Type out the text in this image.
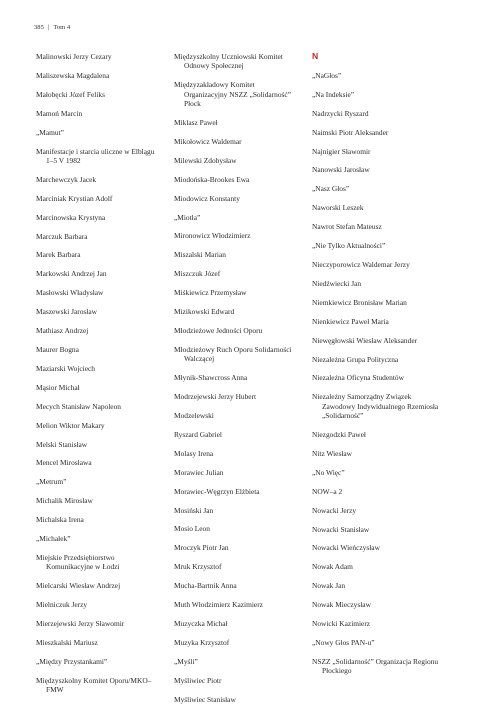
385 | Tom 4
Malinowski Jerzy Cezary
Maliszewska Magdalena
Małobęcki Józef Feliks
Mamoń Marcin
„Mamut”
Manifestacje i starcia uliczne w Elblągu
1–5 V 1982
Marchewczyk Jacek
Marciniak Krystian Adolf
Marcinowska Krystyna
Marczuk Barbara
Marek Barbara
Markowski Andrzej Jan
Masłowski Władysław
Maszewski Jarosław
Mathiasz Andrzej
Maurer Bogna
Maziarski Wojciech
Mąsior Michał
Mecych Stanisław Napoleon
Melion Wiktor Makary
Melski Stanisław
Mencel Mirosława
„Metrum”
Michalik Mirosław
Michalska Irena
„Michałek”
Miejskie Przedsiębiorstwo
Komunikacyjne w Łodzi
Mielcarski Wiesław Andrzej
Mielniczuk Jerzy
Mierzejewski Jerzy Sławomir
Mieszkalski Mariusz
„Między Przystankami”
Międzyszkolny Komitet Oporu/MKO–
FMW
Międzyszkolny Uczniowski Komitet
Odnowy Społecznej
Międzyzakładowy Komitet
Organizacyjny NSZZ „Solidarność”
Płock
Miklasz Paweł
Mikołowicz Waldemar
Milewski Zdobysław
Miodońska-Brookes Ewa
Miodowicz Konstanty
„Miotła”
Mironowicz Włodzimierz
Miszalski Marian
Miszczuk Józef
Miśkiewicz Przemysław
Mizikowski Edward
Młodzieżowe Jedności Oporu
Młodzieżowy Ruch Oporu Solidarności
Walczącej
Młynik-Shawcross Anna
Modrzejewski Jerzy Hubert
Modzelewski
Ryszard Gabriel
Molasy Irena
Morawiec Julian
Morawiec-Węgrzyn Elżbieta
Mosiński Jan
Mosio Leon
Mroczyk Piotr Jan
Mruk Krzysztof
Mucha-Bartnik Anna
Muth Włodzimierz Kazimierz
Muzyczka Michał
Muzyka Krzysztof
„Myśli”
Myśliwiec Piotr
Myśliwiec Stanisław
N
„NaGłos”
„Na Indeksie”
Nadrzycki Ryszard
Naimski Piotr Aleksander
Najnigier Sławomir
Nanowski Jarosław
„Nasz Głos”
Naworski Leszek
Nawrot Stefan Mateusz
„Nie Tylko Aktualności”
Nieczyporowicz Waldemar Jerzy
Niedźwiecki Jan
Niemkiewicz Bronisław Marian
Nienkiewicz Paweł Maria
Niewęgłowski Wiesław Aleksander
Niezależna Grupa Polityczna
Niezależna Oficyna Studentów
Niezależny Samorządny Związek
Zawodowy Indywidualnego Rzemiosła
„Solidarność”
Niezgodzki Paweł
Nitz Wiesław
„No Więc”
NOW–a 2
Nowacki Jerzy
Nowacki Stanisław
Nowacki Wieńczysław
Nowak Adam
Nowak Jan
Nowak Mieczysław
Nowicki Kazimierz
„Nowy Głos PAN-u”
NSZZ „Solidarność” Organizacja Regionu
Płockiego
